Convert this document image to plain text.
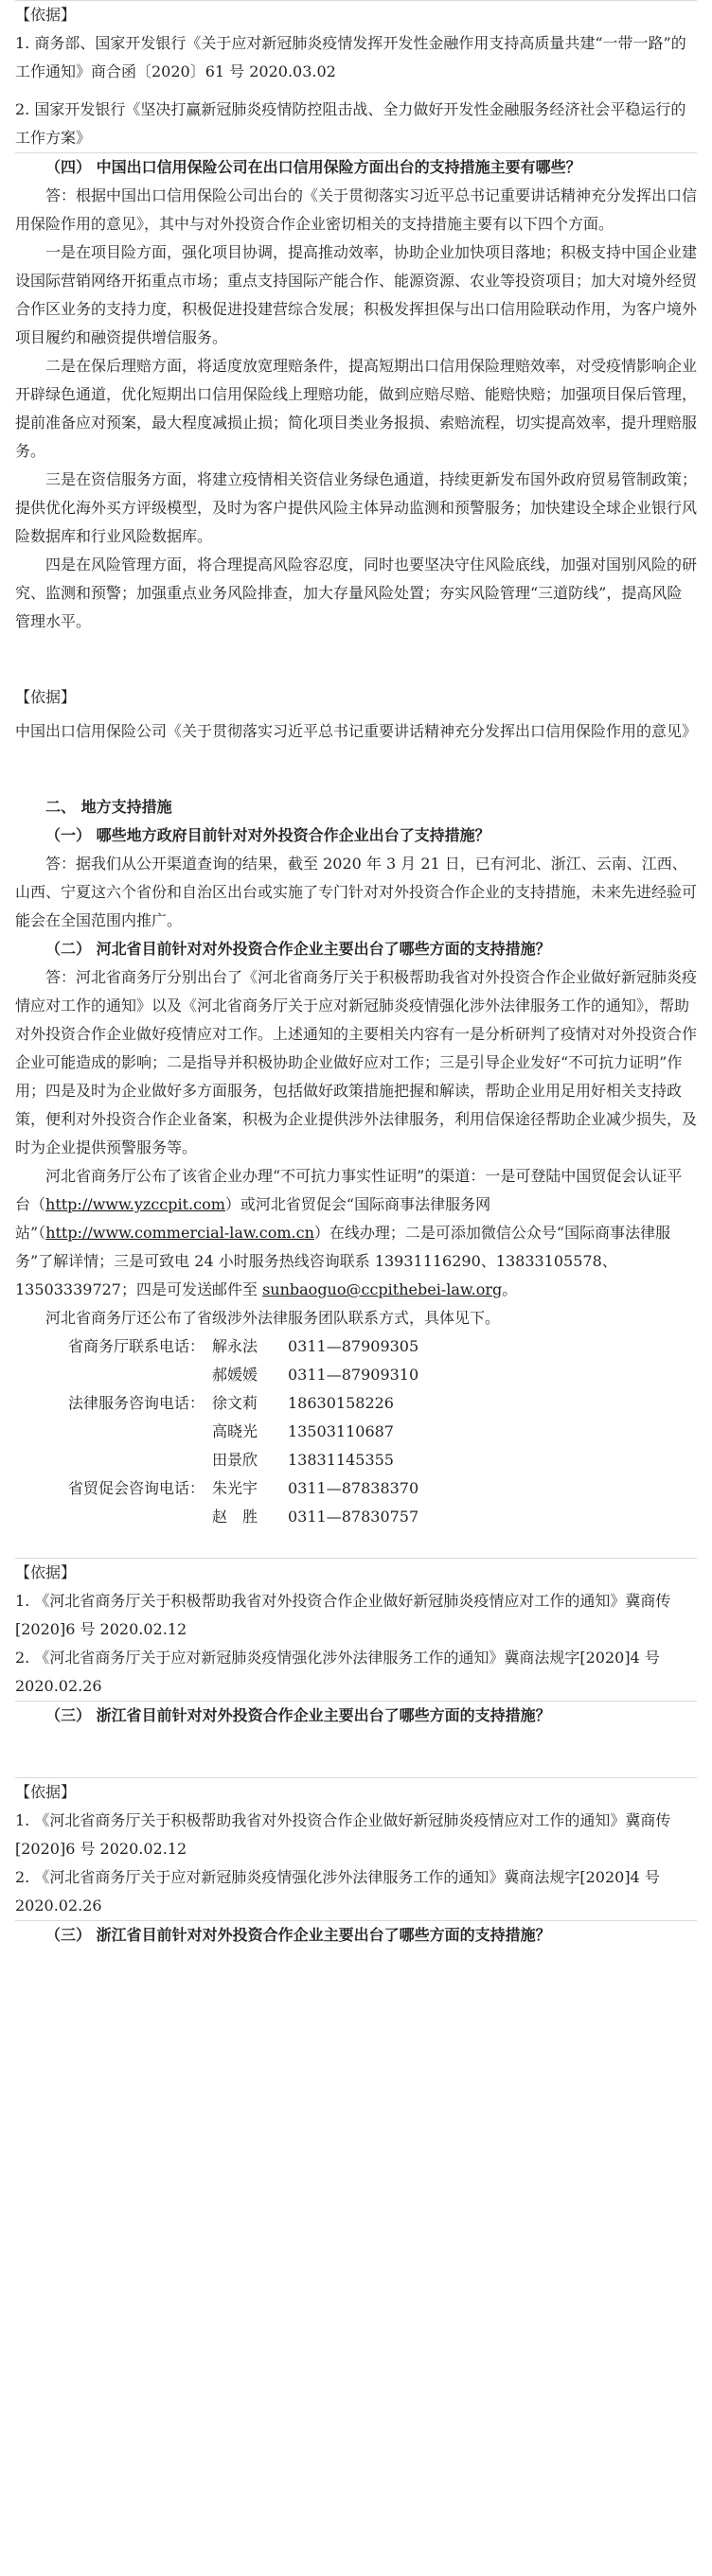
【依据】

1. 商务部、国家开发银行《关于应对新冠肺炎疫情发挥开发性金融作用支持高质量共建“一带一路”的工作通知》商合函〔2020〕61 号 2020.03.02

2. 国家开发银行《坚决打赢新冠肺炎疫情防控阻击战、全力做好开发性金融服务经济社会平稳运行的工作方案》

（四） 中国出口信用保险公司在出口信用保险方面出台的支持措施主要有哪些？

答：根据中国出口信用保险公司出台的《关于贯彻落实习近平总书记重要讲话精神充分发挥出口信用保险作用的意见》，其中与对外投资合作企业密切相关的支持措施主要有以下四个方面。

一是在项目险方面，强化项目协调，提高推动效率，协助企业加快项目落地；积极支持中国企业建设国际营销网络开拓重点市场；重点支持国际产能合作、能源资源、农业等投资项目；加大对境外经贸合作区业务的支持力度，积极促进投建营综合发展；积极发挥担保与出口信用险联动作用，为客户境外项目履约和融资提供增信服务。

二是在保后理赔方面，将适度放宽理赔条件，提高短期出口信用保险理赔效率，对受疫情影响企业开辟绿色通道，优化短期出口信用保险线上理赔功能，做到应赔尽赔、能赔快赔；加强项目保后管理，提前准备应对预案，最大程度减损止损；简化项目类业务报损、索赔流程，切实提高效率，提升理赔服务。

三是在资信服务方面，将建立疫情相关资信业务绿色通道，持续更新发布国外政府贸易管制政策；提供优化海外买方评级模型，及时为客户提供风险主体异动监测和预警服务；加快建设全球企业银行风险数据库和行业风险数据库。

四是在风险管理方面，将合理提高风险容忍度，同时也要坚决守住风险底线，加强对国别风险的研究、监测和预警；加强重点业务风险排查，加大存量风险处置；夯实风险管理“三道防线”，提高风险管理水平。

【依据】

中国出口信用保险公司《关于贯彻落实习近平总书记重要讲话精神充分发挥出口信用保险作用的意见》

二、 地方支持措施

（一） 哪些地方政府目前针对对外投资合作企业出台了支持措施？

答：据我们从公开渠道查询的结果，截至 2020 年 3 月 21 日，已有河北、浙江、云南、江西、山西、宁夏这六个省份和自治区出台或实施了专门针对对外投资合作企业的支持措施，未来先进经验可能会在全国范围内推广。

（二） 河北省目前针对对外投资合作企业主要出台了哪些方面的支持措施？

答：河北省商务厅分别出台了《河北省商务厅关于积极帮助我省对外投资合作企业做好新冠肺炎疫情应对工作的通知》以及《河北省商务厅关于应对新冠肺炎疫情强化涉外法律服务工作的通知》，帮助对外投资合作企业做好疫情应对工作。上述通知的主要相关内容有一是分析研判了疫情对对外投资合作企业可能造成的影响；二是指导并积极协助企业做好应对工作；三是引导企业发好“不可抗力证明”作用；四是及时为企业做好多方面服务，包括做好政策措施把握和解读，帮助企业用足用好相关支持政策，便利对外投资合作企业备案，积极为企业提供涉外法律服务，利用信保途径帮助企业减少损失，及时为企业提供预警服务等。

河北省商务厅公布了该省企业办理“不可抗力事实性证明”的渠道：一是可登陆中国贸促会认证平台（http://www.yzccpit.com）或河北省贸促会“国际商事法律服务网站”（http://www.commercial-law.com.cn）在线办理；二是可添加微信公众号“国际商事法律服务”了解详情；三是可致电 24 小时服务热线咨询联系 13931116290、13833105578、13503339727；四是可发送邮件至 sunbaoguo@ccpithebei-law.org。

河北省商务厅还公布了省级涉外法律服务团队联系方式，具体见下。

省商务厅联系电话： 解永法	0311—87909305
郝媛媛	0311—87909310
法律服务咨询电话： 徐文莉	18630158226
高晓光	13503110687
田景欣	13831145355
省贸促会咨询电话： 朱光宇	0311—87838370
赵　胜	0311—87830757

【依据】

1. 《河北省商务厅关于积极帮助我省对外投资合作企业做好新冠肺炎疫情应对工作的通知》冀商传[2020]6 号 2020.02.12

2. 《河北省商务厅关于应对新冠肺炎疫情强化涉外法律服务工作的通知》冀商法规字[2020]4 号 2020.02.26

（三） 浙江省目前针对对外投资合作企业主要出台了哪些方面的支持措施？

【依据】

1. 《河北省商务厅关于积极帮助我省对外投资合作企业做好新冠肺炎疫情应对工作的通知》冀商传[2020]6 号 2020.02.12

2. 《河北省商务厅关于应对新冠肺炎疫情强化涉外法律服务工作的通知》冀商法规字[2020]4 号 2020.02.26

（三） 浙江省目前针对对外投资合作企业主要出台了哪些方面的支持措施？
